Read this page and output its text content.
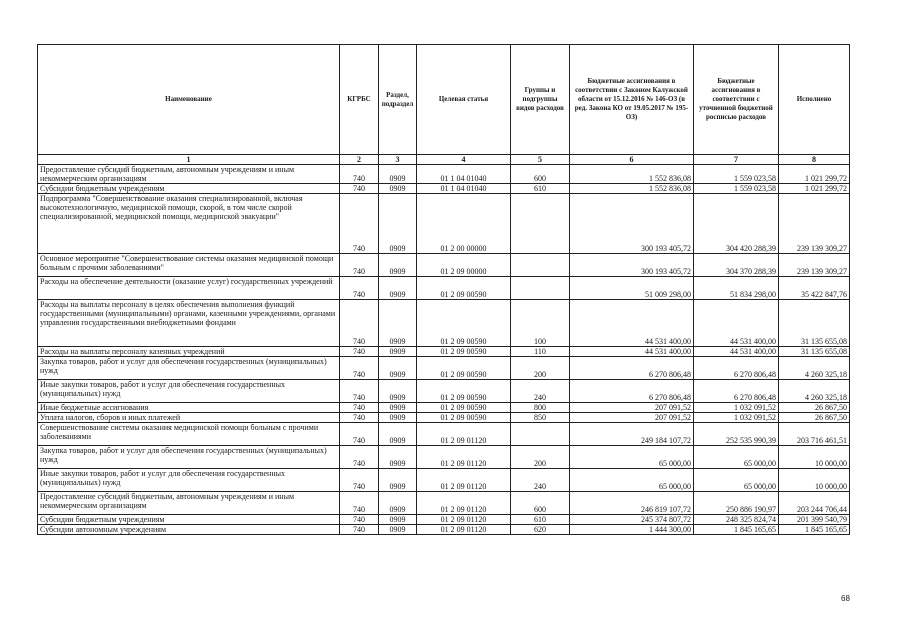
Наименование	КГРБС	Раздел, подраздел	Целевая статья	Группы и подгруппы видов расходов	Бюджетные ассигнования в соответствии с Законом Калужской области от 15.12.2016 № 146-ОЗ (в ред. Закона КО от 19.05.2017 № 195-ОЗ)	Бюджетные ассигнования в соответствии с уточненной бюджетной росписью расходов	Исполнено
1	2	3	4	5	6	7	8
Предоставление субсидий бюджетным, автономным учреждениям и иным некоммерческим организациям	740	0909	01 1 04 01040	600	1 552 836,08	1 559 023,58	1 021 299,72
Субсидии бюджетным учреждениям	740	0909	01 1 04 01040	610	1 552 836,08	1 559 023,58	1 021 299,72
Подпрограмма "Совершенствование оказания специализированной, включая высокотехнологичную, медицинской помощи, скорой, в том числе скорой специализированной, медицинской помощи, медицинской эвакуации"	740	0909	01 2 00 00000		300 193 405,72	304 420 288,39	239 139 309,27
Основное мероприятие "Совершенствование системы оказания медицинской помощи больным с прочими заболеваниями"	740	0909	01 2 09 00000		300 193 405,72	304 370 288,39	239 139 309,27
Расходы на обеспечение деятельности (оказание услуг) государственных учреждений	740	0909	01 2 09 00590		51 009 298,00	51 834 298,00	35 422 847,76
Расходы на выплаты персоналу в целях обеспечения выполнения функций государственными (муниципальными) органами, казенными учреждениями, органами управления государственными внебюджетными фондами	740	0909	01 2 09 00590	100	44 531 400,00	44 531 400,00	31 135 655,08
Расходы на выплаты персоналу казенных учреждений	740	0909	01 2 09 00590	110	44 531 400,00	44 531 400,00	31 135 655,08
Закупка товаров, работ и услуг для обеспечения государственных (муниципальных) нужд	740	0909	01 2 09 00590	200	6 270 806,48	6 270 806,48	4 260 325,18
Иные закупки товаров, работ и услуг для обеспечения государственных (муниципальных) нужд	740	0909	01 2 09 00590	240	6 270 806,48	6 270 806,48	4 260 325,18
Иные бюджетные ассигнования	740	0909	01 2 09 00590	800	207 091,52	1 032 091,52	26 867,50
Уплата налогов, сборов и иных платежей	740	0909	01 2 09 00590	850	207 091,52	1 032 091,52	26 867,50
Совершенствование системы оказания медицинской помощи больным с прочими заболеваниями	740	0909	01 2 09 01120		249 184 107,72	252 535 990,39	203 716 461,51
Закупка товаров, работ и услуг для обеспечения государственных (муниципальных) нужд	740	0909	01 2 09 01120	200	65 000,00	65 000,00	10 000,00
Иные закупки товаров, работ и услуг для обеспечения государственных (муниципальных) нужд	740	0909	01 2 09 01120	240	65 000,00	65 000,00	10 000,00
Предоставление субсидий бюджетным, автономным учреждениям и иным некоммерческим организациям	740	0909	01 2 09 01120	600	246 819 107,72	250 886 190,97	203 244 706,44
Субсидии бюджетным учреждениям	740	0909	01 2 09 01120	610	245 374 807,72	248 325 824,74	201 399 540,79
Субсидии автономным учреждениям	740	0909	01 2 09 01120	620	1 444 300,00	1 845 165,65	1 845 165,65
68
